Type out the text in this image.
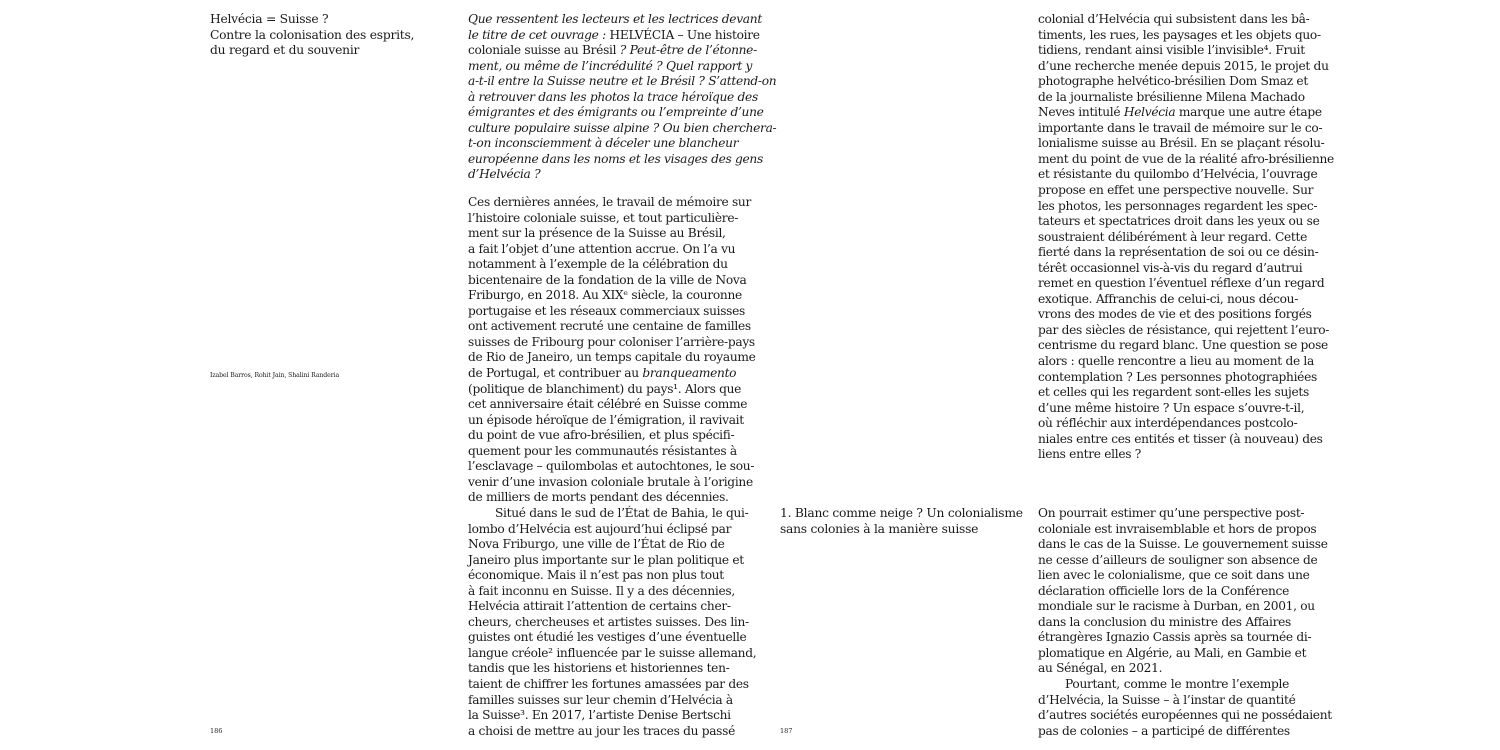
Helvécia = Suisse ?
Contre la colonisation des esprits,
du regard et du souvenir
Izabel Barros, Rohit Jain, Shalini Randeria
Que ressentent les lecteurs et les lectrices devant
le titre de cet ouvrage : HELVÉCIA – Une histoire
coloniale suisse au Brésil ? Peut-être de l’étonne-
ment, ou même de l’incrédulité ? Quel rapport y
a-t-il entre la Suisse neutre et le Brésil ? S’attend-on
à retrouver dans les photos la trace héroïque des
émigrantes et des émigrants ou l’empreinte d’une
culture populaire suisse alpine ? Ou bien cherchera-
t-on inconsciemment à déceler une blancheur
européenne dans les noms et les visages des gens
d’Helvécia ?
Ces dernières années, le travail de mémoire sur
l’histoire coloniale suisse, et tout particulière-
ment sur la présence de la Suisse au Brésil,
a fait l’objet d’une attention accrue. On l’a vu
notamment à l’exemple de la célébration du
bicentenaire de la fondation de la ville de Nova
Friburgo, en 2018. Au XIXᵉ siècle, la couronne
portugaise et les réseaux commerciaux suisses
ont activement recruté une centaine de familles
suisses de Fribourg pour coloniser l’arrière-pays
de Rio de Janeiro, un temps capitale du royaume
de Portugal, et contribuer au branqueamento
(politique de blanchiment) du pays¹. Alors que
cet anniversaire était célébré en Suisse comme
un épisode héroïque de l’émigration, il ravivait
du point de vue afro-brésilien, et plus spécifi-
quement pour les communautés résistantes à
l’esclavage – quilombolas et autochtones, le sou-
venir d’une invasion coloniale brutale à l’origine
de milliers de morts pendant des décennies.
Situé dans le sud de l’État de Bahia, le qui-
lombo d’Helvécia est aujourd’hui éclipsé par
Nova Friburgo, une ville de l’État de Rio de
Janeiro plus importante sur le plan politique et
économique. Mais il n’est pas non plus tout
à fait inconnu en Suisse. Il y a des décennies,
Helvécia attirait l’attention de certains cher-
cheurs, chercheuses et artistes suisses. Des lin-
guistes ont étudié les vestiges d’une éventuelle
langue créole² influencée par le suisse allemand,
tandis que les historiens et historiennes ten-
taient de chiffrer les fortunes amassées par des
familles suisses sur leur chemin d’Helvécia à
la Suisse³. En 2017, l’artiste Denise Bertschi
a choisi de mettre au jour les traces du passé
186
colonial d’Helvécia qui subsistent dans les bâ-
timents, les rues, les paysages et les objets quo-
tidiens, rendant ainsi visible l’invisible⁴. Fruit
d’une recherche menée depuis 2015, le projet du
photographe helvético-brésilien Dom Smaz et
de la journaliste brésilienne Milena Machado
Neves intitulé Helvécia marque une autre étape
importante dans le travail de mémoire sur le co-
lonialisme suisse au Brésil. En se plaçant résolu-
ment du point de vue de la réalité afro-brésilienne
et résistante du quilombo d’Helvécia, l’ouvrage
propose en effet une perspective nouvelle. Sur
les photos, les personnages regardent les spec-
tateurs et spectatrices droit dans les yeux ou se
soustraient délibérément à leur regard. Cette
fierté dans la représentation de soi ou ce désin-
térêt occasionnel vis-à-vis du regard d’autrui
remet en question l’éventuel réflexe d’un regard
exotique. Affranchis de celui-ci, nous décou-
vrons des modes de vie et des positions forgés
par des siècles de résistance, qui rejettent l’euro-
centrisme du regard blanc. Une question se pose
alors : quelle rencontre a lieu au moment de la
contemplation ? Les personnes photographiées
et celles qui les regardent sont-elles les sujets
d’une même histoire ? Un espace s’ouvre-t-il,
où réfléchir aux interdépendances postcolo-
niales entre ces entités et tisser (à nouveau) des
liens entre elles ?
1. Blanc comme neige ? Un colonialisme
sans colonies à la manière suisse
On pourrait estimer qu’une perspective post-
coloniale est invraisemblable et hors de propos
dans le cas de la Suisse. Le gouvernement suisse
ne cesse d’ailleurs de souligner son absence de
lien avec le colonialisme, que ce soit dans une
déclaration officielle lors de la Conférence
mondiale sur le racisme à Durban, en 2001, ou
dans la conclusion du ministre des Affaires
étrangères Ignazio Cassis après sa tournée di-
plomatique en Algérie, au Mali, en Gambie et
au Sénégal, en 2021.
Pourtant, comme le montre l’exemple
d’Helvécia, la Suisse – à l’instar de quantité
d’autres sociétés européennes qui ne possédaient
pas de colonies – a participé de différentes
187
